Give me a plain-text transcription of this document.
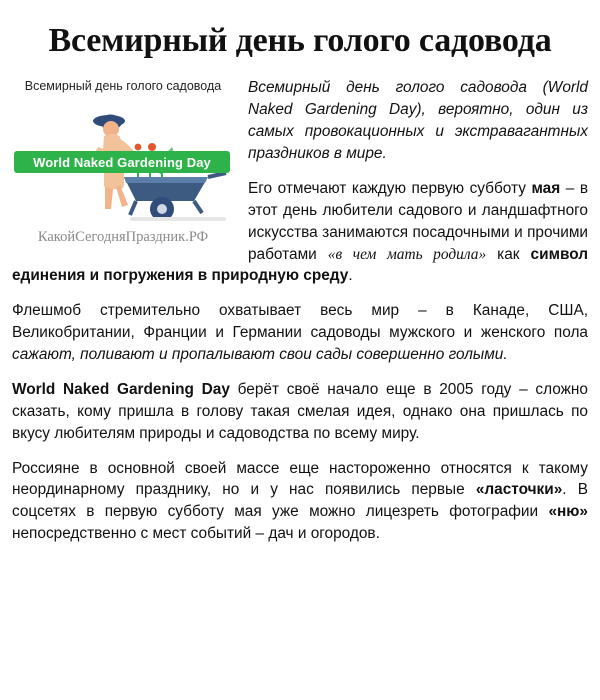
Всемирный день голого садовода
Всемирный день голого садовода
World Naked Gardening Day
КакойСегодняПраздник.РФ

Всемирный день голого садовода (World Naked Gardening Day), вероятно, один из самых провокационных и экстравагантных праздников в мире.

Его отмечают каждую первую субботу мая – в этот день любители садового и ландшафтного искусства занимаются посадочными и прочими работами «в чем мать родила» как символ единения и погружения в природную среду.

Флешмоб стремительно охватывает весь мир – в Канаде, США, Великобритании, Франции и Германии садоводы мужского и женского пола сажают, поливают и пропалывают свои сады совершенно голыми.

World Naked Gardening Day берёт своё начало еще в 2005 году – сложно сказать, кому пришла в голову такая смелая идея, однако она пришлась по вкусу любителям природы и садоводства по всему миру.

Россияне в основной своей массе еще настороженно относятся к такому неординарному празднику, но и у нас появились первые «ласточки». В соцсетях в первую субботу мая уже можно лицезреть фотографии «ню» непосредственно с мест событий – дач и огородов.
